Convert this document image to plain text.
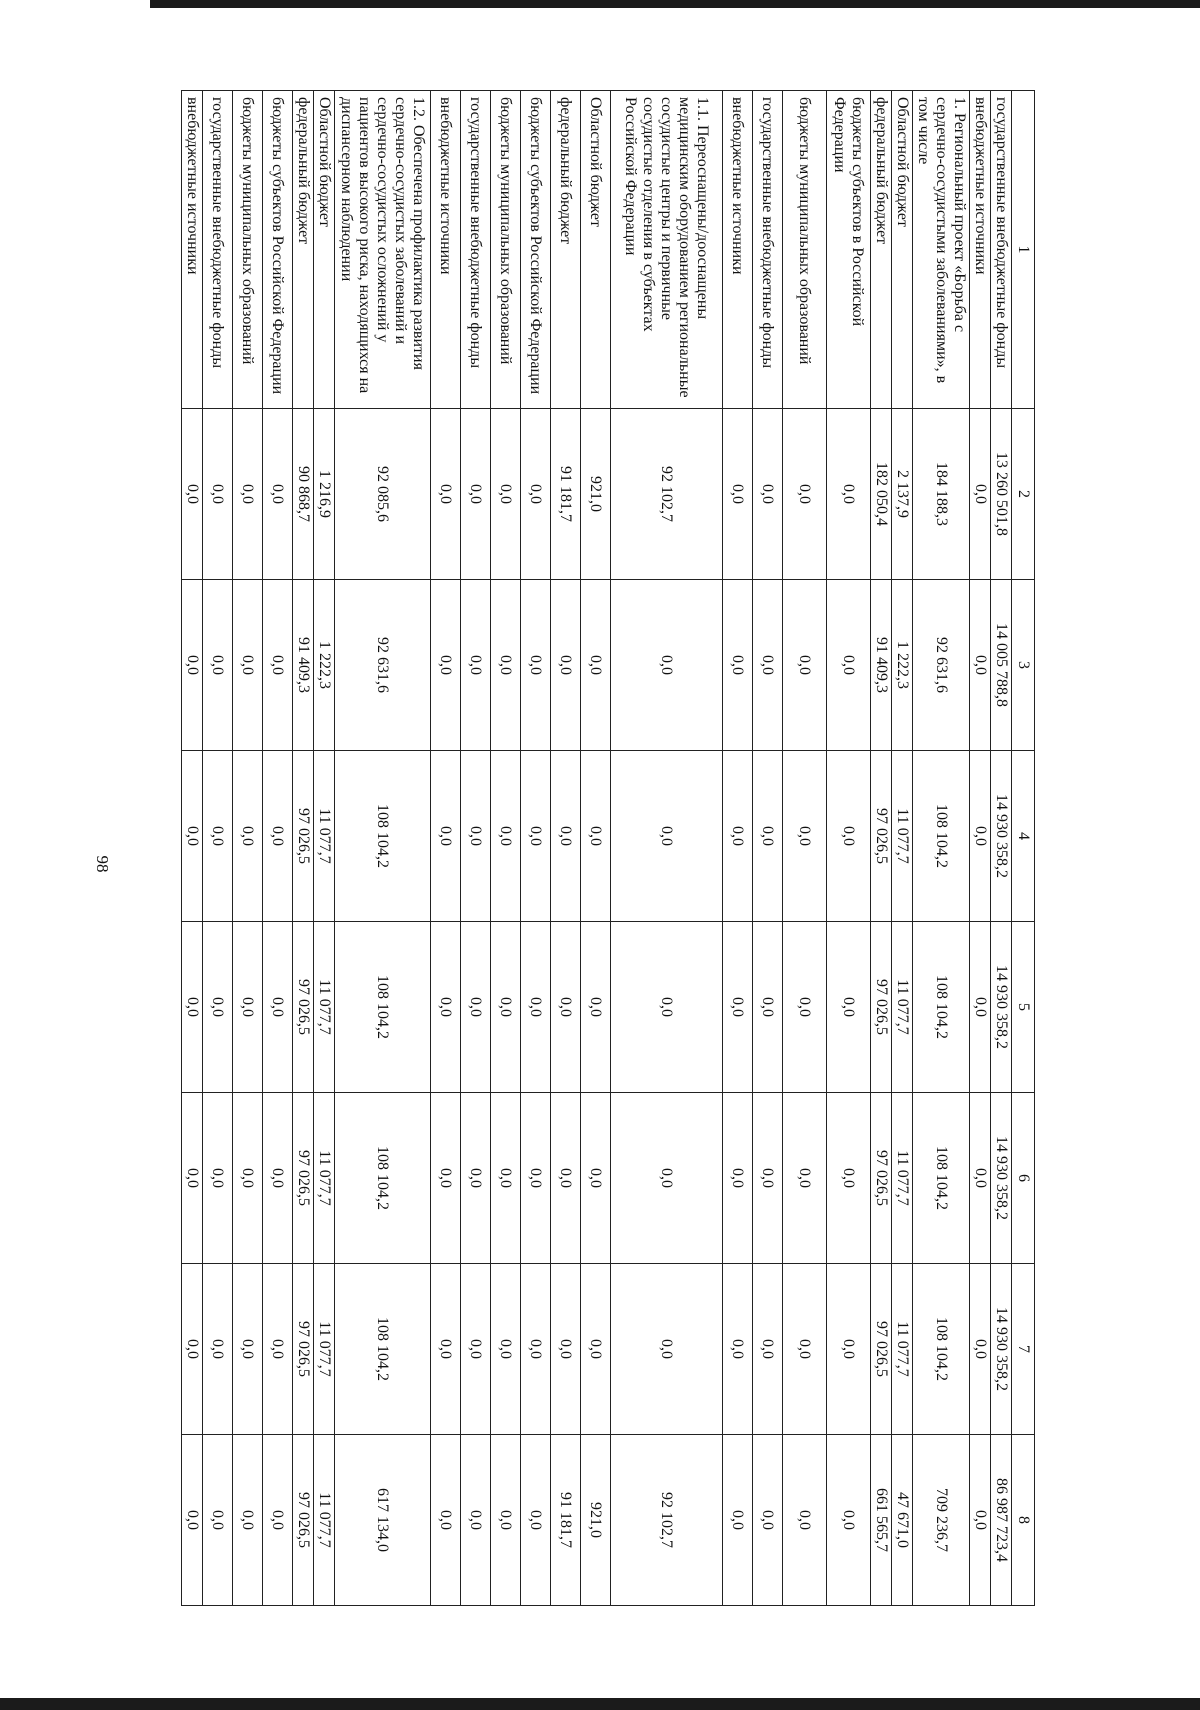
98
1	2	3	4	5	6	7	8
государственные внебюджетные фонды	13 260 501,8	14 005 788,8	14 930 358,2	14 930 358,2	14 930 358,2	14 930 358,2	86 987 723,4
внебюджетные источники	0,0	0,0	0,0	0,0	0,0	0,0	0,0
1. Региональный проект «Борьба с сердечно-сосудистыми заболеваниями», в том числе	184 188,3	92 631,6	108 104,2	108 104,2	108 104,2	108 104,2	709 236,7
Областной бюджет	2 137,9	1 222,3	11 077,7	11 077,7	11 077,7	11 077,7	47 671,0
федеральный бюджет	182 050,4	91 409,3	97 026,5	97 026,5	97 026,5	97 026,5	661 565,7
бюджеты субъектов в Российской Федерации	0,0	0,0	0,0	0,0	0,0	0,0	0,0
бюджеты муниципальных образований	0,0	0,0	0,0	0,0	0,0	0,0	0,0
государственные внебюджетные фонды	0,0	0,0	0,0	0,0	0,0	0,0	0,0
внебюджетные источники	0,0	0,0	0,0	0,0	0,0	0,0	0,0
1.1. Переоснащены/дооснащены медицинским оборудованием региональные сосудистые центры и первичные сосудистые отделения в субъектах Российской Федерации	92 102,7	0,0	0,0	0,0	0,0	0,0	92 102,7
Областной бюджет	921,0	0,0	0,0	0,0	0,0	0,0	921,0
федеральный бюджет	91 181,7	0,0	0,0	0,0	0,0	0,0	91 181,7
бюджеты субъектов Российской Федерации	0,0	0,0	0,0	0,0	0,0	0,0	0,0
бюджеты муниципальных образований	0,0	0,0	0,0	0,0	0,0	0,0	0,0
государственные внебюджетные фонды	0,0	0,0	0,0	0,0	0,0	0,0	0,0
внебюджетные источники	0,0	0,0	0,0	0,0	0,0	0,0	0,0
1.2. Обеспечена профилактика развития сердечно-сосудистых заболеваний и сердечно-сосудистых осложнений у пациентов высокого риска, находящихся на диспансерном наблюдении	92 085,6	92 631,6	108 104,2	108 104,2	108 104,2	108 104,2	617 134,0
Областной бюджет	1 216,9	1 222,3	11 077,7	11 077,7	11 077,7	11 077,7	11 077,7
федеральный бюджет	90 868,7	91 409,3	97 026,5	97 026,5	97 026,5	97 026,5	97 026,5
бюджеты субъектов Российской Федерации	0,0	0,0	0,0	0,0	0,0	0,0	0,0
бюджеты муниципальных образований	0,0	0,0	0,0	0,0	0,0	0,0	0,0
государственные внебюджетные фонды	0,0	0,0	0,0	0,0	0,0	0,0	0,0
внебюджетные источники	0,0	0,0	0,0	0,0	0,0	0,0	0,0
